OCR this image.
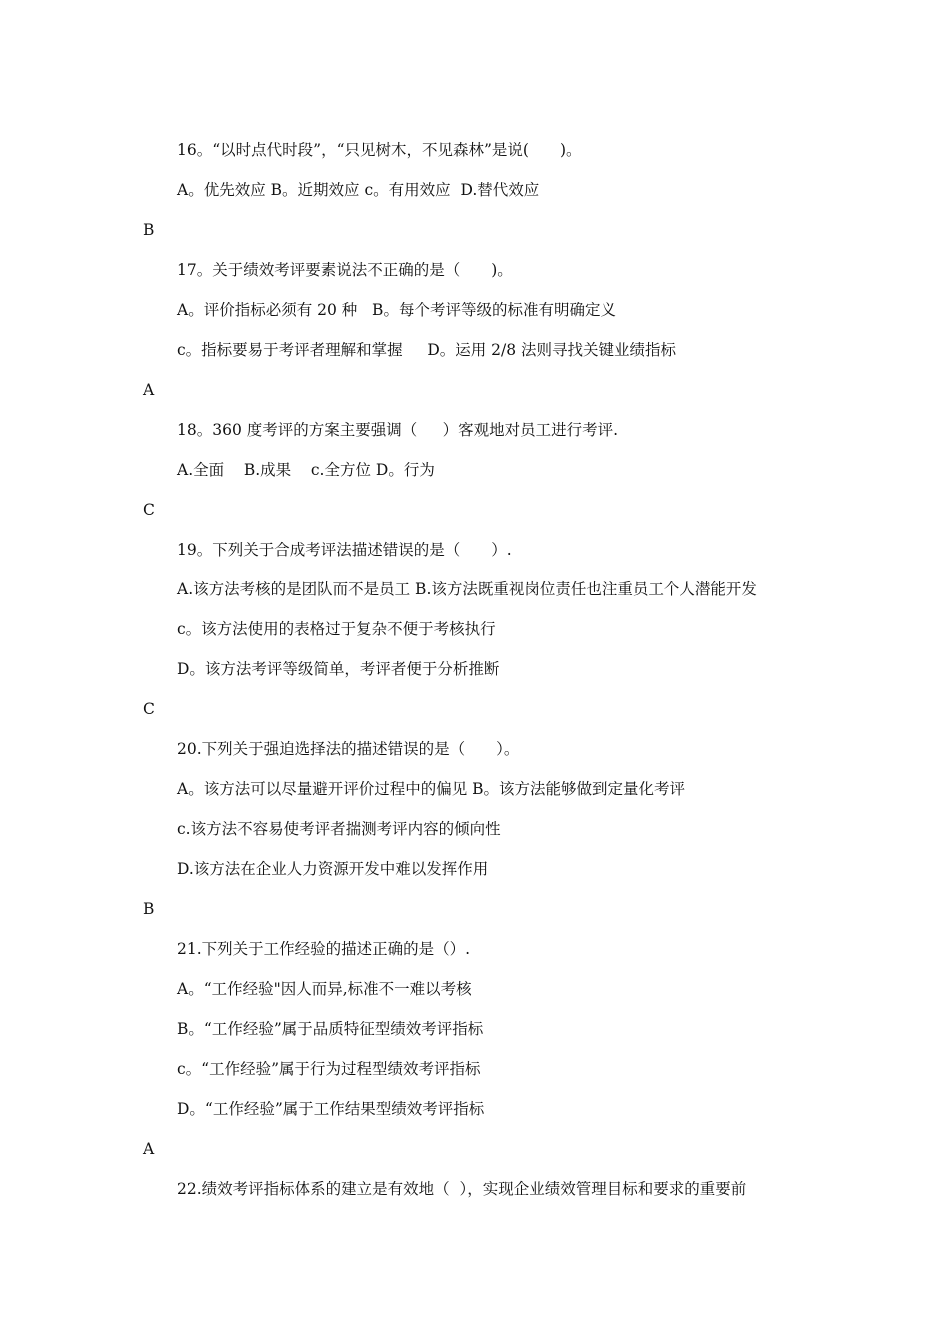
16。“以时点代时段”，“只见树木，不见森林”是说(　　)。
A。优先效应 B。近期效应 c。有用效应  D.替代效应
B
17。关于绩效考评要素说法不正确的是（　　)。
A。评价指标必须有 20 种   B。每个考评等级的标准有明确定义
c。指标要易于考评者理解和掌握     D。运用 2/8 法则寻找关键业绩指标
A
18。360 度考评的方案主要强调（　  ）客观地对员工进行考评.
A.全面    B.成果    c.全方位 D。行为
C
19。下列关于合成考评法描述错误的是（　　）.
A.该方法考核的是团队而不是员工 B.该方法既重视岗位责任也注重员工个人潜能开发
c。该方法使用的表格过于复杂不便于考核执行
D。该方法考评等级简单，考评者便于分析推断
C
20.下列关于强迫选择法的描述错误的是（　　）。
A。该方法可以尽量避开评价过程中的偏见 B。该方法能够做到定量化考评
c.该方法不容易使考评者揣测考评内容的倾向性
D.该方法在企业人力资源开发中难以发挥作用
B
21.下列关于工作经验的描述正确的是（）.
A。“工作经验"因人而异,标准不一难以考核
B。“工作经验”属于品质特征型绩效考评指标
c。“工作经验”属于行为过程型绩效考评指标
D。“工作经验”属于工作结果型绩效考评指标
A
22.绩效考评指标体系的建立是有效地（  ），实现企业绩效管理目标和要求的重要前
